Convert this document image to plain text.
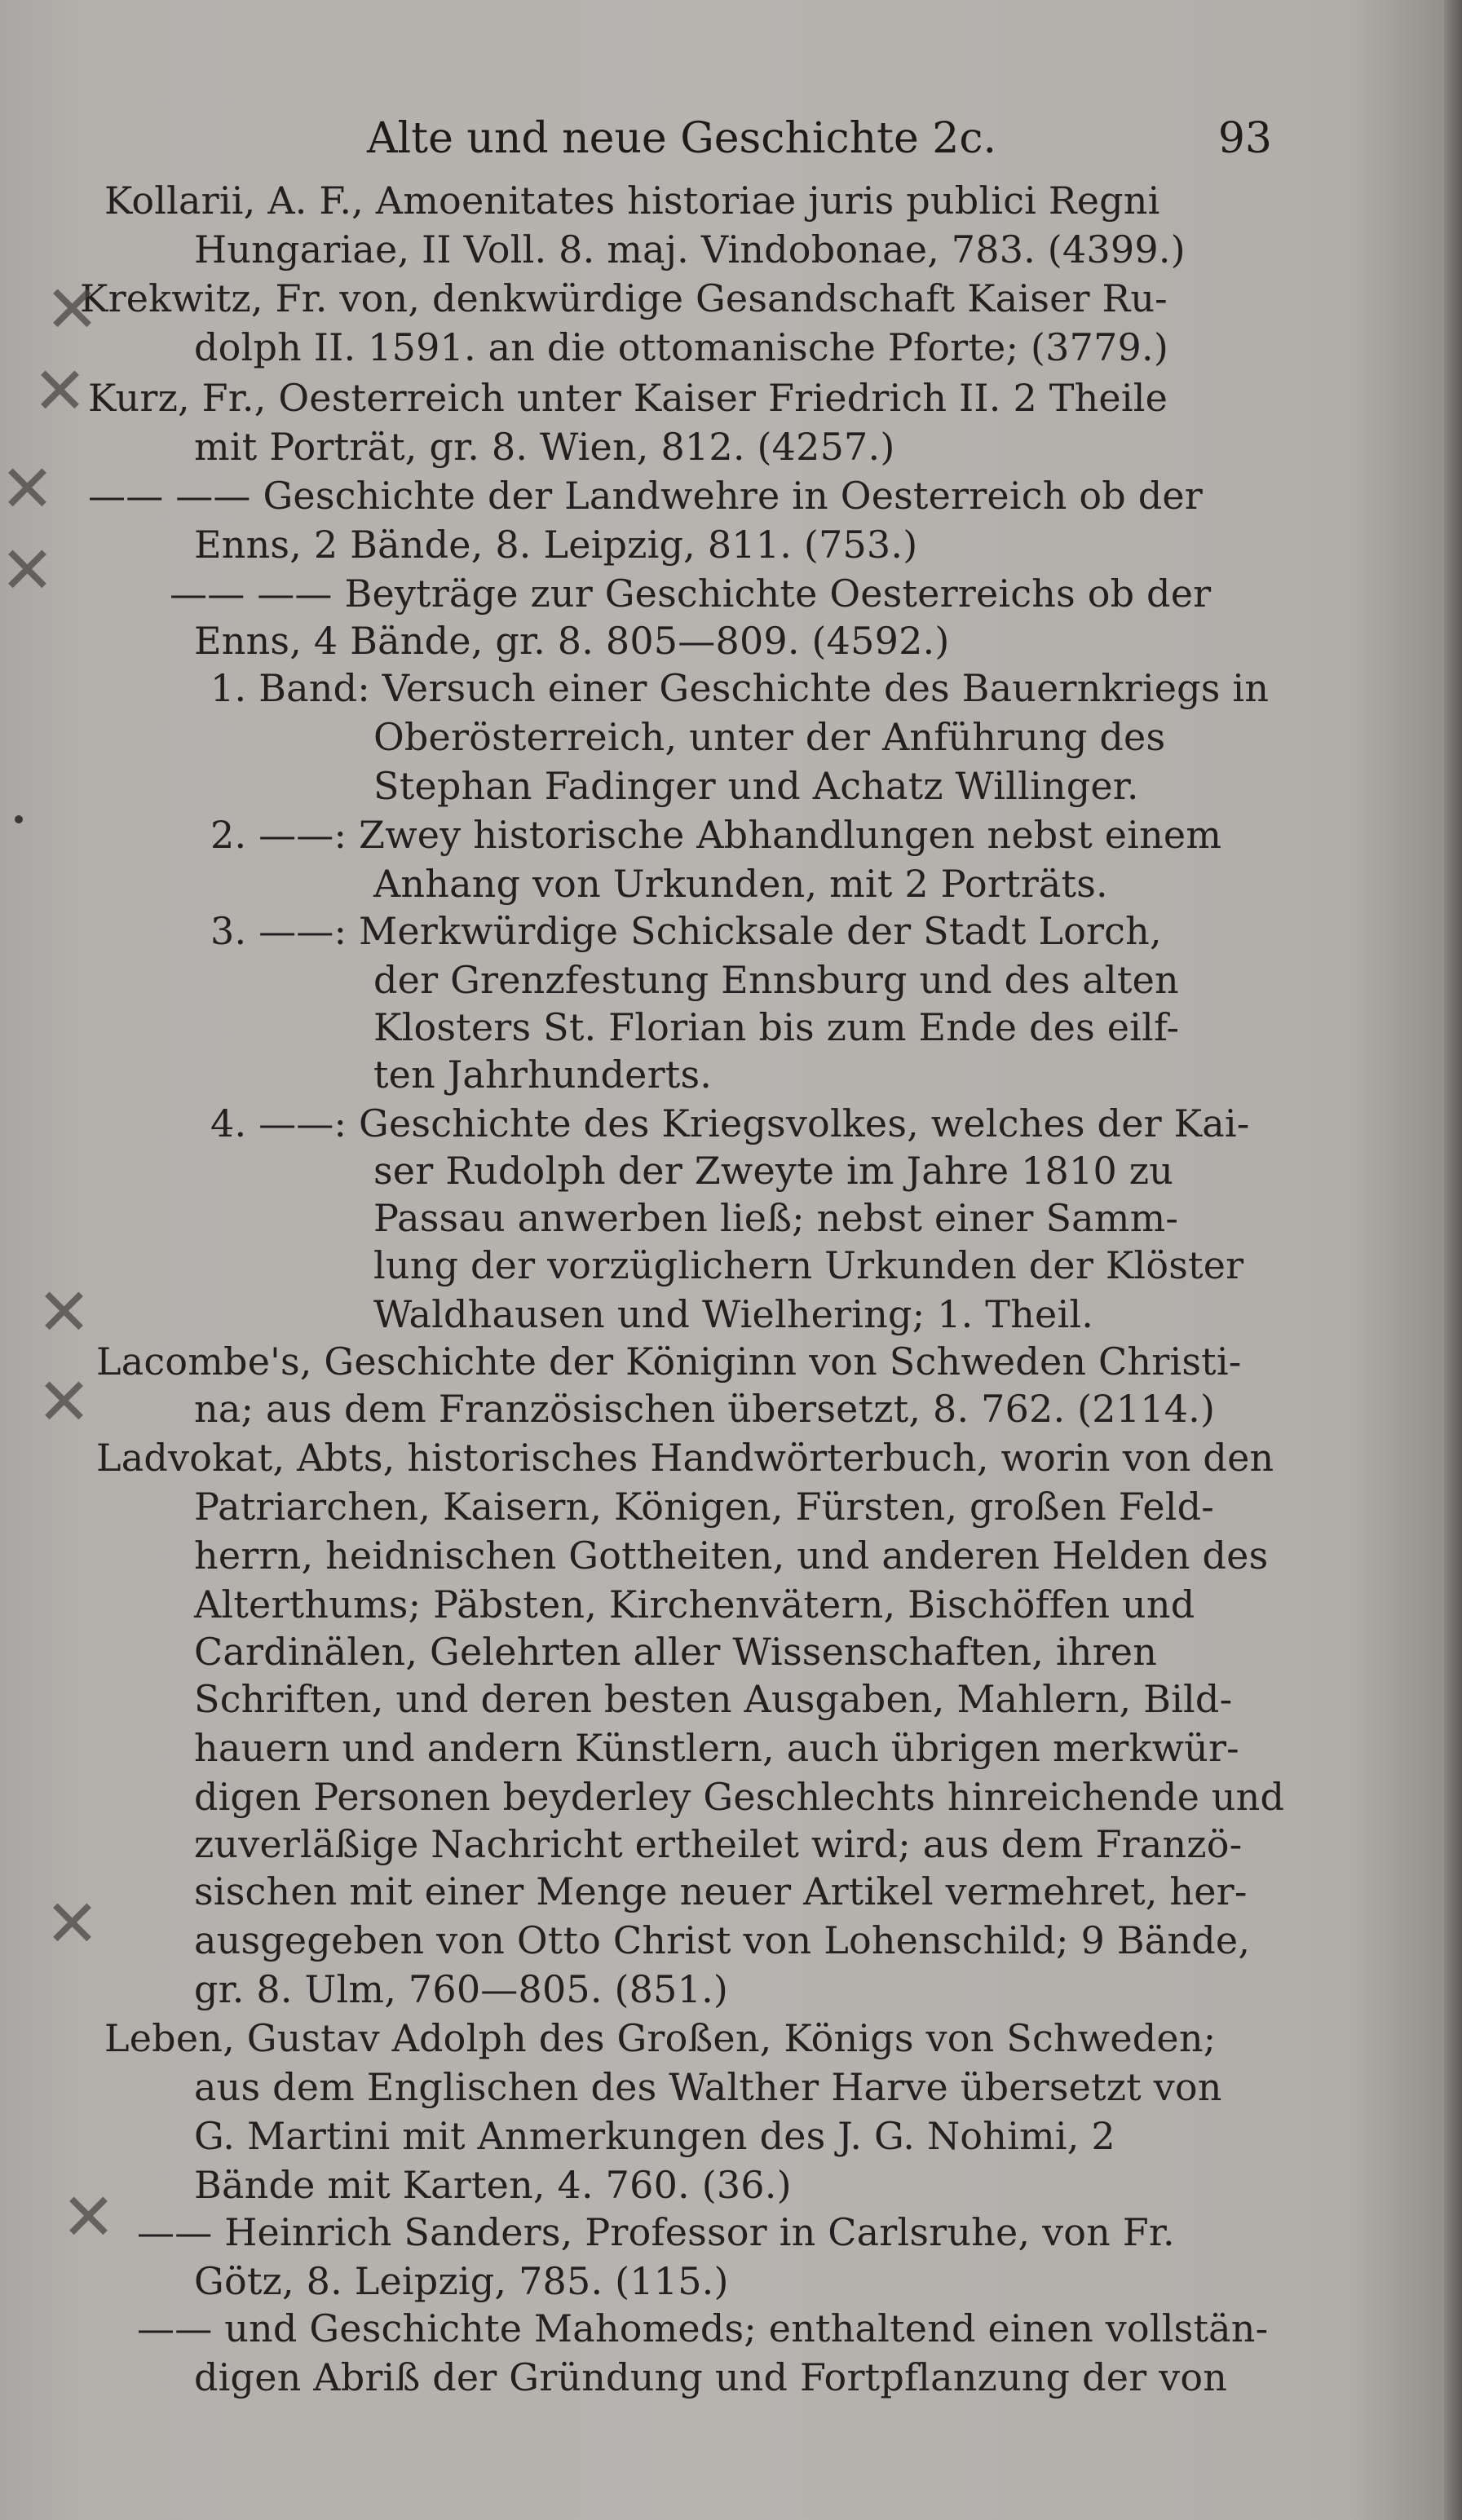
Alte und neue Geschichte 2c.	93
Kollarii, A. F., Amoenitates historiae juris publici Regni
Hungariae, II Voll. 8. maj. Vindobonae, 783. (4399.)
Krekwitz, Fr. von, denkwürdige Gesandschaft Kaiser Ru-
dolph II. 1591. an die ottomanische Pforte; (3779.)
Kurz, Fr., Oesterreich unter Kaiser Friedrich II. 2 Theile
mit Porträt, gr. 8. Wien, 812. (4257.)
—— —— Geschichte der Landwehre in Oesterreich ob der
Enns, 2 Bände, 8. Leipzig, 811. (753.)
—— —— Beyträge zur Geschichte Oesterreichs ob der
Enns, 4 Bände, gr. 8. 805—809. (4592.)
1. Band: Versuch einer Geschichte des Bauernkriegs in
Oberösterreich, unter der Anführung des
Stephan Fadinger und Achatz Willinger.
2. ——: Zwey historische Abhandlungen nebst einem
Anhang von Urkunden, mit 2 Porträts.
3. ——: Merkwürdige Schicksale der Stadt Lorch,
der Grenzfestung Ennsburg und des alten
Klosters St. Florian bis zum Ende des eilf-
ten Jahrhunderts.
4. ——: Geschichte des Kriegsvolkes, welches der Kai-
ser Rudolph der Zweyte im Jahre 1810 zu
Passau anwerben ließ; nebst einer Samm-
lung der vorzüglichern Urkunden der Klöster
Waldhausen und Wielhering; 1. Theil.
Lacombe's, Geschichte der Königinn von Schweden Christi-
na; aus dem Französischen übersetzt, 8. 762. (2114.)
Ladvokat, Abts, historisches Handwörterbuch, worin von den
Patriarchen, Kaisern, Königen, Fürsten, großen Feld-
herrn, heidnischen Gottheiten, und anderen Helden des
Alterthums; Päbsten, Kirchenvätern, Bischöffen und
Cardinälen, Gelehrten aller Wissenschaften, ihren
Schriften, und deren besten Ausgaben, Mahlern, Bild-
hauern und andern Künstlern, auch übrigen merkwür-
digen Personen beyderley Geschlechts hinreichende und
zuverläßige Nachricht ertheilet wird; aus dem Franzö-
sischen mit einer Menge neuer Artikel vermehret, her-
ausgegeben von Otto Christ von Lohenschild; 9 Bände,
gr. 8. Ulm, 760—805. (851.)
Leben, Gustav Adolph des Großen, Königs von Schweden;
aus dem Englischen des Walther Harve übersetzt von
G. Martini mit Anmerkungen des J. G. Nohimi, 2
Bände mit Karten, 4. 760. (36.)
—— Heinrich Sanders, Professor in Carlsruhe, von Fr.
Götz, 8. Leipzig, 785. (115.)
—— und Geschichte Mahomeds; enthaltend einen vollstän-
digen Abriß der Gründung und Fortpflanzung der von
✕
✕
✕
✕
✕
✕
✕
✕
